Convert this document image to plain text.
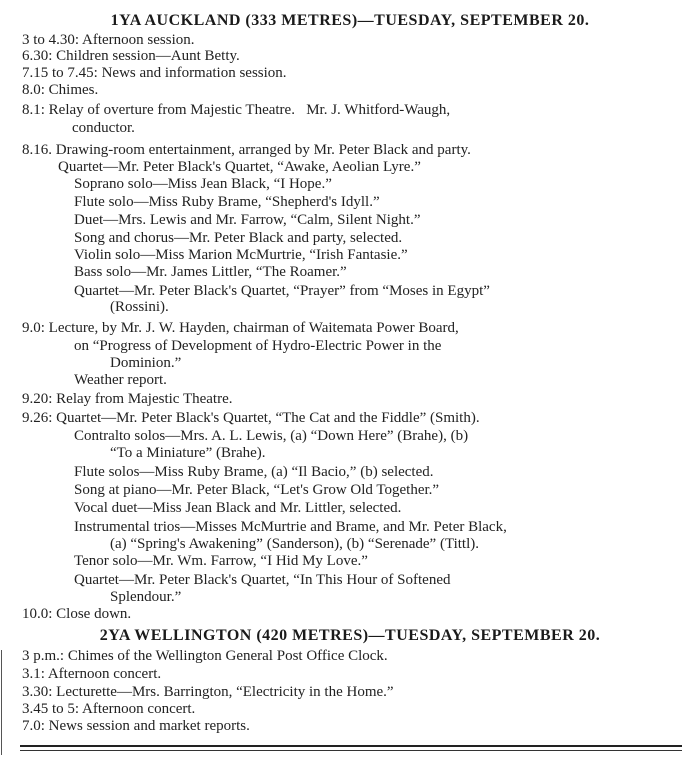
1YA AUCKLAND (333 METRES)—TUESDAY, SEPTEMBER 20.
3 to 4.30: Afternoon session.
6.30: Children session—Aunt Betty.
7.15 to 7.45: News and information session.
8.0: Chimes.
8.1: Relay of overture from Majestic Theatre.   Mr. J. Whitford-Waugh,
conductor.
8.16. Drawing-room entertainment, arranged by Mr. Peter Black and party.
Quartet—Mr. Peter Black's Quartet, “Awake, Aeolian Lyre.”
Soprano solo—Miss Jean Black, “I Hope.”
Flute solo—Miss Ruby Brame, “Shepherd's Idyll.”
Duet—Mrs. Lewis and Mr. Farrow, “Calm, Silent Night.”
Song and chorus—Mr. Peter Black and party, selected.
Violin solo—Miss Marion McMurtrie, “Irish Fantasie.”
Bass solo—Mr. James Littler, “The Roamer.”
Quartet—Mr. Peter Black's Quartet, “Prayer” from “Moses in Egypt”
(Rossini).
9.0: Lecture, by Mr. J. W. Hayden, chairman of Waitemata Power Board,
on “Progress of Development of Hydro-Electric Power in the
Dominion.”
Weather report.
9.20: Relay from Majestic Theatre.
9.26: Quartet—Mr. Peter Black's Quartet, “The Cat and the Fiddle” (Smith).
Contralto solos—Mrs. A. L. Lewis, (a) “Down Here” (Brahe), (b)
“To a Miniature” (Brahe).
Flute solos—Miss Ruby Brame, (a) “Il Bacio,” (b) selected.
Song at piano—Mr. Peter Black, “Let's Grow Old Together.”
Vocal duet—Miss Jean Black and Mr. Littler, selected.
Instrumental trios—Misses McMurtrie and Brame, and Mr. Peter Black,
(a) “Spring's Awakening” (Sanderson), (b) “Serenade” (Tittl).
Tenor solo—Mr. Wm. Farrow, “I Hid My Love.”
Quartet—Mr. Peter Black's Quartet, “In This Hour of Softened
Splendour.”
10.0: Close down.
2YA WELLINGTON (420 METRES)—TUESDAY, SEPTEMBER 20.
3 p.m.: Chimes of the Wellington General Post Office Clock.
3.1: Afternoon concert.
3.30: Lecturette—Mrs. Barrington, “Electricity in the Home.”
3.45 to 5: Afternoon concert.
7.0: News session and market reports.
